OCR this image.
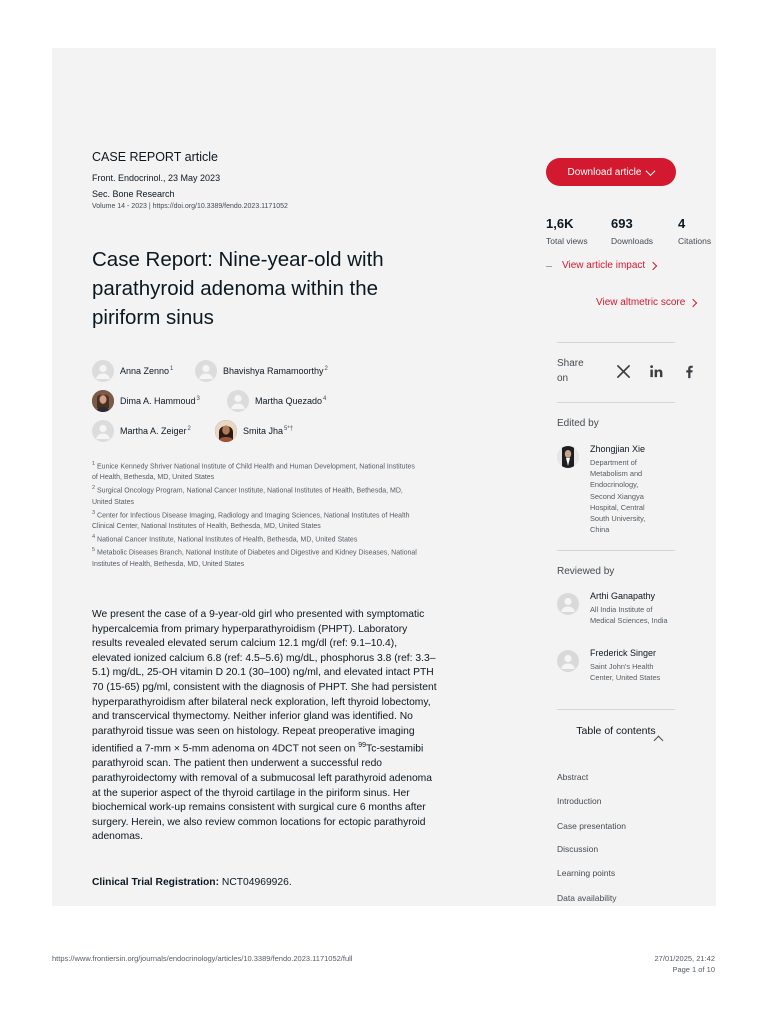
CASE REPORT article
Front. Endocrinol., 23 May 2023
Sec. Bone Research
Volume 14 - 2023 | https://doi.org/10.3389/fendo.2023.1171052
Case Report: Nine-year-old with parathyroid adenoma within the piriform sinus
Anna Zenno$^1$	Bhavishya Ramamoorthy$^2$
Dima A. Hammoud$^3$	Martha Quezado$^4$
Martha A. Zeiger$^2$	Smita Jha$^{5*\dagger}$
$^1$ Eunice Kennedy Shriver National Institute of Child Health and Human Development, National Institutes of Health, Bethesda, MD, United States
$^2$ Surgical Oncology Program, National Cancer Institute, National Institutes of Health, Bethesda, MD, United States
$^3$ Center for Infectious Disease Imaging, Radiology and Imaging Sciences, National Institutes of Health Clinical Center, National Institutes of Health, Bethesda, MD, United States
$^4$ National Cancer Institute, National Institutes of Health, Bethesda, MD, United States
$^5$ Metabolic Diseases Branch, National Institute of Diabetes and Digestive and Kidney Diseases, National Institutes of Health, Bethesda, MD, United States

We present the case of a 9-year-old girl who presented with symptomatic hypercalcemia from primary hyperparathyroidism (PHPT). Laboratory results revealed elevated serum calcium 12.1 mg/dl (ref: 9.1–10.4), elevated ionized calcium 6.8 (ref: 4.5–5.6) mg/dL, phosphorus 3.8 (ref: 3.3–5.1) mg/dL, 25-OH vitamin D 20.1 (30–100) ng/ml, and elevated intact PTH 70 (15-65) pg/ml, consistent with the diagnosis of PHPT. She had persistent hyperparathyroidism after bilateral neck exploration, left thyroid lobectomy, and transcervical thymectomy. Neither inferior gland was identified. No parathyroid tissue was seen on histology. Repeat preoperative imaging identified a 7-mm × 5-mm adenoma on 4DCT not seen on $^{99}$Tc-sestamibi parathyroid scan. The patient then underwent a successful redo parathyroidectomy with removal of a submucosal left parathyroid adenoma at the superior aspect of the thyroid cartilage in the piriform sinus. Her biochemical work-up remains consistent with surgical cure 6 months after surgery. Herein, we also review common locations for ectopic parathyroid adenomas.

Clinical Trial Registration: NCT04969926.
Download article
1,6K
Total views
693
Downloads
4
Citations
View article impact
View altmetric score
Share on
Edited by
Zhongjian Xie
Department of Metabolism and Endocrinology, Second Xiangya Hospital, Central South University, China
Reviewed by
Arthi Ganapathy
All India Institute of Medical Sciences, India
Frederick Singer
Saint John's Health Center, United States
Table of contents
Abstract
Introduction
Case presentation
Discussion
Learning points
Data availability
https://www.frontiersin.org/journals/endocrinology/articles/10.3389/fendo.2023.1171052/full	27/01/2025, 21:42
Page 1 of 10
